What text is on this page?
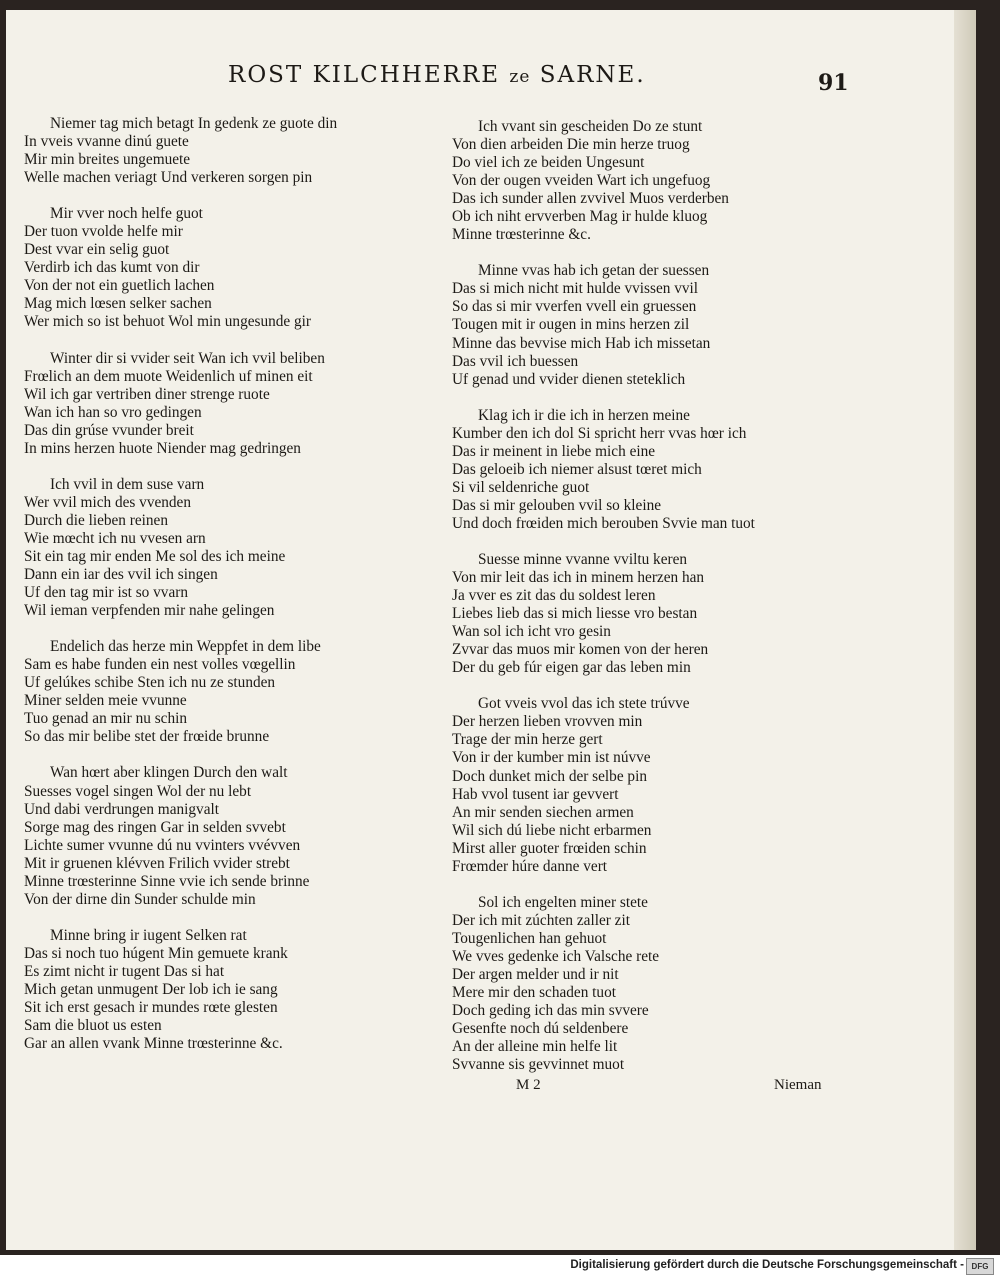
ROST KILCHHERRE ze SARNE.	91
Niemer tag mich betagt In gedenk ze guote din
In vveis vvanne dinú guete
Mir min breites ungemuete
Welle machen veriagt Und verkeren sorgen pin
Mir vver noch helfe guot
Der tuon vvolde helfe mir
Dest vvar ein selig guot
Verdirb ich das kumt von dir
Von der not ein guetlich lachen
Mag mich lœsen selker sachen
Wer mich so ist behuot Wol min ungesunde gir
Winter dir si vvider seit Wan ich vvil beliben
Frœlich an dem muote Weidenlich uf minen eit
Wil ich gar vertriben diner strenge ruote
Wan ich han so vro gedingen
Das din grúse vvunder breit
In mins herzen huote Niender mag gedringen
Ich vvil in dem suse varn
Wer vvil mich des vvenden
Durch die lieben reinen
Wie mœcht ich nu vvesen arn
Sit ein tag mir enden Me sol des ich meine
Dann ein iar des vvil ich singen
Uf den tag mir ist so vvarn
Wil ieman verpfenden mir nahe gelingen
Endelich das herze min Weppfet in dem libe
Sam es habe funden ein nest volles vœgellin
Uf gelúkes schibe Sten ich nu ze stunden
Miner selden meie vvunne
Tuo genad an mir nu schin
So das mir belibe stet der frœide brunne
Wan hœrt aber klingen Durch den walt
Suesses vogel singen Wol der nu lebt
Und dabi verdrungen manigvalt
Sorge mag des ringen Gar in selden svvebt
Lichte sumer vvunne dú nu vvinters vvévven
Mit ir gruenen klévven Frilich vvider strebt
Minne trœsterinne Sinne vvie ich sende brinne
Von der dirne din Sunder schulde min
Minne bring ir iugent Selken rat
Das si noch tuo húgent Min gemuete krank
Es zimt nicht ir tugent Das si hat
Mich getan unmugent Der lob ich ie sang
Sit ich erst gesach ir mundes rœte glesten
Sam die bluot us esten
Gar an allen vvank Minne trœsterinne &c.
Ich vvant sin gescheiden Do ze stunt
Von dien arbeiden Die min herze truog
Do viel ich ze beiden Ungesunt
Von der ougen vveiden Wart ich ungefuog
Das ich sunder allen zvvivel Muos verderben
Ob ich niht ervverben Mag ir hulde kluog
Minne trœsterinne &c.
Minne vvas hab ich getan der suessen
Das si mich nicht mit hulde vvissen vvil
So das si mir vverfen vvell ein gruessen
Tougen mit ir ougen in mins herzen zil
Minne das bevvise mich Hab ich missetan
Das vvil ich buessen
Uf genad und vvider dienen steteklich
Klag ich ir die ich in herzen meine
Kumber den ich dol Si spricht herr vvas hœr ich
Das ir meinent in liebe mich eine
Das geloeib ich niemer alsust tœret mich
Si vil seldenriche guot
Das si mir gelouben vvil so kleine
Und doch frœiden mich berouben Svvie man tuot
Suesse minne vvanne vviltu keren
Von mir leit das ich in minem herzen han
Ja vver es zit das du soldest leren
Liebes lieb das si mich liesse vro bestan
Wan sol ich icht vro gesin
Zvvar das muos mir komen von der heren
Der du geb fúr eigen gar das leben min
Got vveis vvol das ich stete trúvve
Der herzen lieben vrovven min
Trage der min herze gert
Von ir der kumber min ist núvve
Doch dunket mich der selbe pin
Hab vvol tusent iar gevvert
An mir senden siechen armen
Wil sich dú liebe nicht erbarmen
Mirst aller guoter frœiden schin
Frœmder húre danne vert
Sol ich engelten miner stete
Der ich mit zúchten zaller zit
Tougenlichen han gehuot
We vves gedenke ich Valsche rete
Der argen melder und ir nit
Mere mir den schaden tuot
Doch geding ich das min svvere
Gesenfte noch dú seldenbere
An der alleine min helfe lit
Svvanne sis gevvinnet muot
M 2	Nieman
Digitalisierung gefördert durch die Deutsche Forschungsgemeinschaft - DFG
